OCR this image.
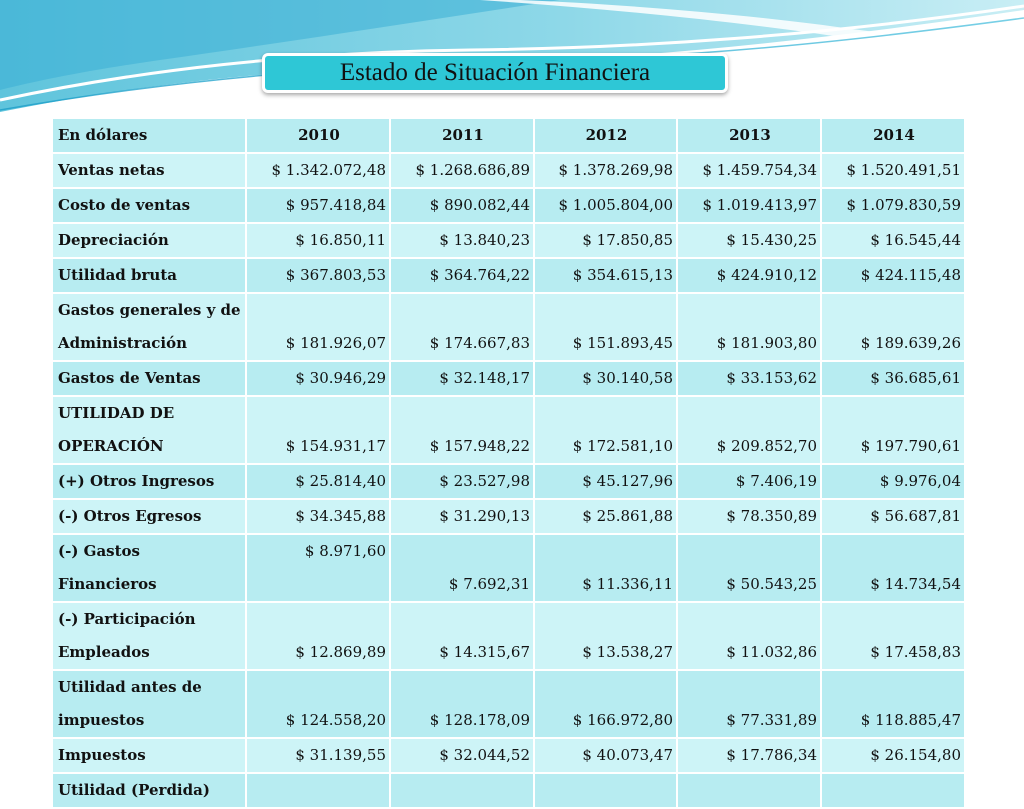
Estado de Situación Financiera
En dólares	2010	2011	2012	2013	2014
Ventas netas	$ 1.342.072,48	$ 1.268.686,89	$ 1.378.269,98	$ 1.459.754,34	$ 1.520.491,51
Costo de ventas	$ 957.418,84	$ 890.082,44	$ 1.005.804,00	$ 1.019.413,97	$ 1.079.830,59
Depreciación	$ 16.850,11	$ 13.840,23	$ 17.850,85	$ 15.430,25	$ 16.545,44
Utilidad bruta	$ 367.803,53	$ 364.764,22	$ 354.615,13	$ 424.910,12	$ 424.115,48

Gastos generales y de
Administración	$ 181.926,07	$ 174.667,83	$ 151.893,45	$ 181.903,80	$ 189.639,26
Gastos de Ventas	$ 30.946,29	$ 32.148,17	$ 30.140,58	$ 33.153,62	$ 36.685,61

UTILIDAD DE
OPERACIÓN	$ 154.931,17	$ 157.948,22	$ 172.581,10	$ 209.852,70	$ 197.790,61
(+) Otros Ingresos	$ 25.814,40	$ 23.527,98	$ 45.127,96	$ 7.406,19	$ 9.976,04
(-) Otros Egresos	$ 34.345,88	$ 31.290,13	$ 25.861,88	$ 78.350,89	$ 56.687,81

(-) Gastos
Financieros	$ 8.971,60	$ 7.692,31	$ 11.336,11	$ 50.543,25	$ 14.734,54

(-) Participación
Empleados	$ 12.869,89	$ 14.315,67	$ 13.538,27	$ 11.032,86	$ 17.458,83

Utilidad antes de
impuestos	$ 124.558,20	$ 128.178,09	$ 166.972,80	$ 77.331,89	$ 118.885,47
Impuestos	$ 31.139,55	$ 32.044,52	$ 40.073,47	$ 17.786,34	$ 26.154,80
Utilidad (Perdida)					
